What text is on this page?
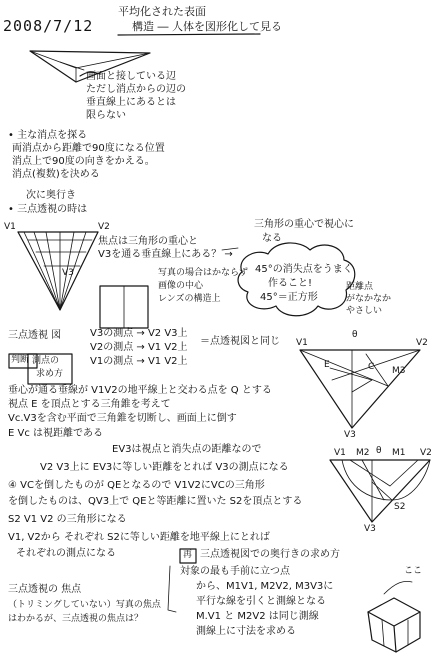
2008/7/12
平均化された表面
構造 ― 人体を図形化して見る
画面と接している辺
ただし消点からの辺の
垂直線上にあるとは
限らない
• 主な消点を探る
両消点から距離で90度になる位置
消点上で90度の向きをかえる。
消点(複数)を決める
次に奥行き
• 三点透視の時は
V1	V2
V3
焦点は三角形の重心と
V3を通る垂直線上にある？ →
三角形の重心で視心に
なる
写真の場合はかならず
画像の中心
レンズの構造上
45°の消失点をうまく
作ること!
45°＝正方形
距離点
がなかなか
やさしい
三点透視 図	V3の測点 → V2 V3上
V2の測点 → V1 V2上
V1の測点 → V1 V2上
＝点透視図と同じ
判断 測点の
求め方
V1
θ
V2
E	C M3
V3
垂心が通る垂線が V1V2の地平線上と交わる点を Q とする
視点 E を頂点とする三角錐を考えて
Vc.V3を含む平面で三角錐を切断し、画面上に倒す
E Vc は視距離である
EV3は視点と消失点の距離なので
V2 V3上に EV3に等しい距離をとれば V3の測点になる
④ VCを倒したものが QEとなるので V1V2にVCの三角形
を倒したものは、QV3上で QEと等距離に置いた S2を頂点とする
S2 V1 V2 の三角形になる
V1, V2から それぞれ S2に等しい距離を地平線上にとれば
それぞれの測点になる
V1 M2 θ M1 V2
S2
V3
再 三点透視図での奥行きの求め方
対象の最も手前に立つ点
から、M1V1, M2V2, M3V3に
平行な線を引くと測線となる
M.V1 と M2V2 は同じ測線
測線上に寸法を求める
ここ
三点透視の 焦点
（トリミングしていない）写真の焦点
はわかるが、三点透視の焦点は？
